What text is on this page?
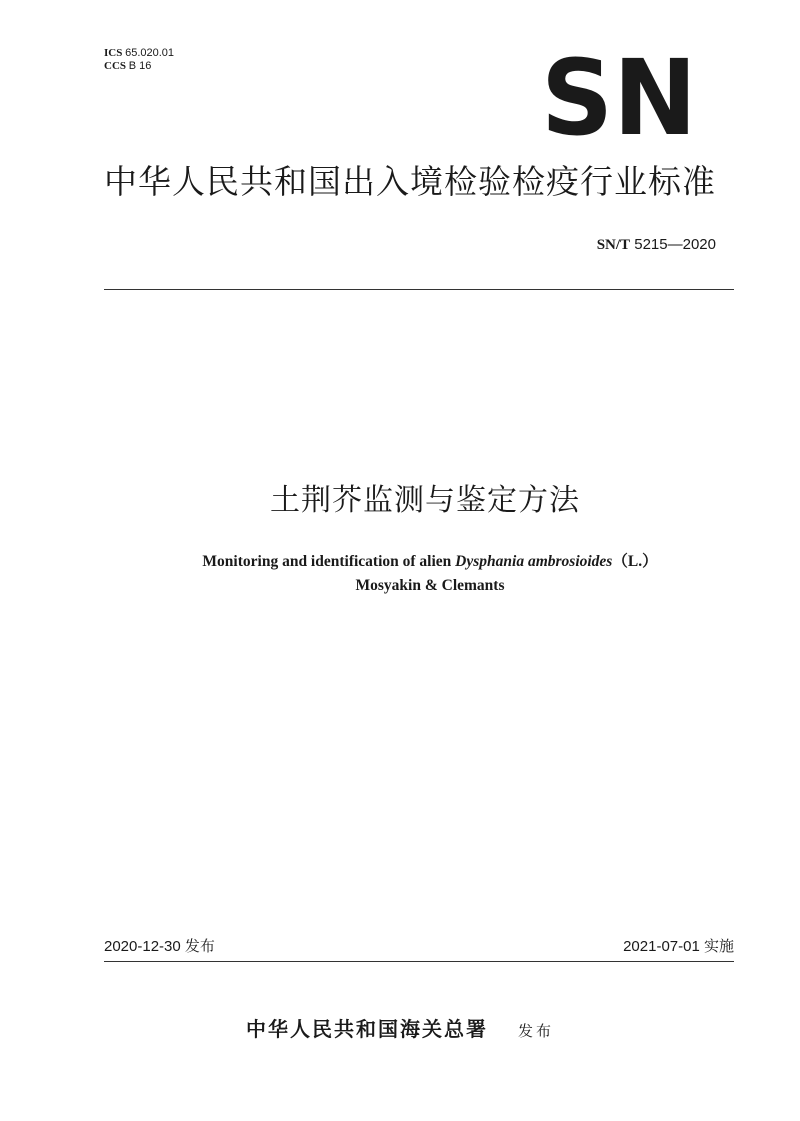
ICS 65.020.01
CCS B 16	SN
中华人民共和国出入境检验检疫行业标准
SN/T 5215—2020
土荆芥监测与鉴定方法
Monitoring and identification of alien Dysphania ambrosioides（L.）
Mosyakin & Clemants
2020-12-30 发布	2021-07-01 实施
中华人民共和国海关总署 发布
